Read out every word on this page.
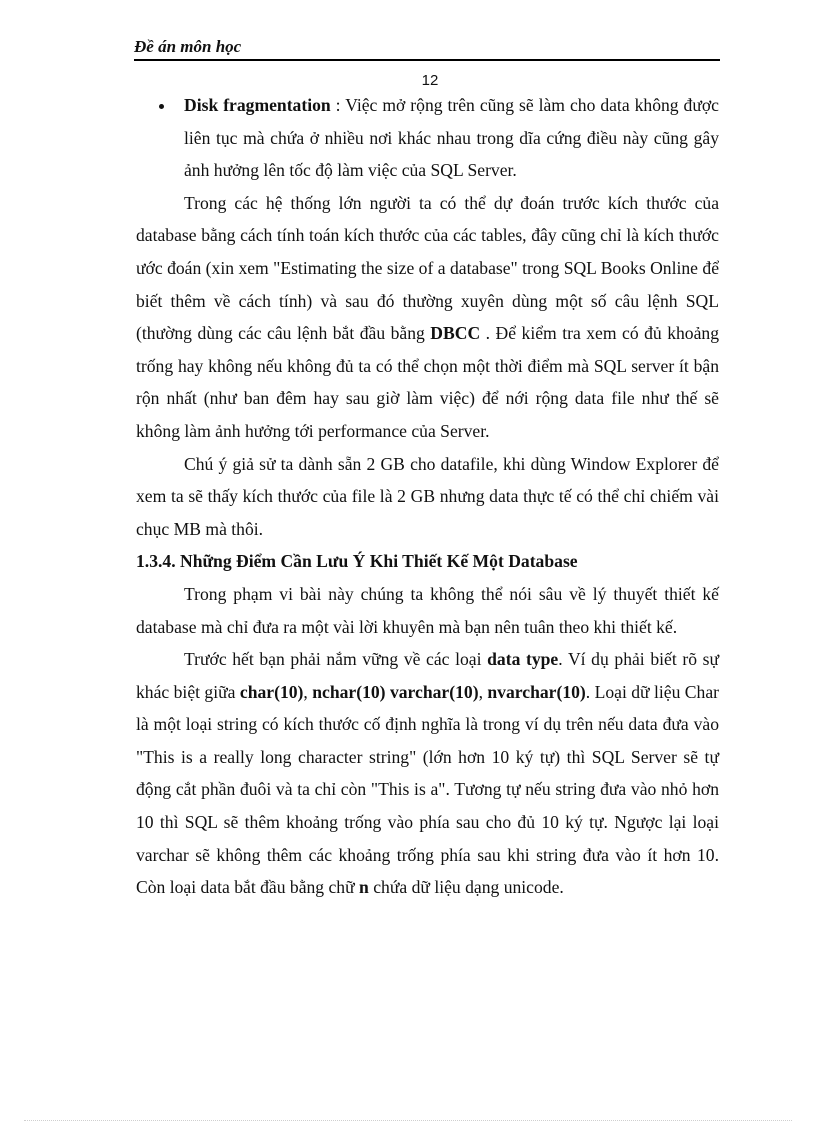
Đề án môn học
12

Disk fragmentation : Việc mở rộng trên cũng sẽ làm cho data không được liên tục mà chứa ở nhiều nơi khác nhau trong dĩa cứng điều này cũng gây ảnh hưởng lên tốc độ làm việc của SQL Server.

Trong các hệ thống lớn người ta có thể dự đoán trước kích thước của database bằng cách tính toán kích thước của các tables, đây cũng chỉ là kích thước ước đoán (xin xem "Estimating the size of a database" trong SQL Books Online để biết thêm về cách tính) và sau đó thường xuyên dùng một số câu lệnh SQL (thường dùng các câu lệnh bắt đầu bằng DBCC . Để kiểm tra xem có đủ khoảng trống hay không nếu không đủ ta có thể chọn một thời điểm mà SQL server ít bận rộn nhất (như ban đêm hay sau giờ làm việc) để nới rộng data file như thế sẽ không làm ảnh hưởng tới performance của Server.

Chú ý giả sử ta dành sẵn 2 GB cho datafile, khi dùng Window Explorer để xem ta sẽ thấy kích thước của file là 2 GB nhưng data thực tế có thể chỉ chiếm vài chục MB mà thôi.

1.3.4. Những Điểm Cần Lưu Ý Khi Thiết Kế Một Database

Trong phạm vi bài này chúng ta không thể nói sâu về lý thuyết thiết kế database mà chỉ đưa ra một vài lời khuyên mà bạn nên tuân theo khi thiết kế.

Trước hết bạn phải nắm vững về các loại data type. Ví dụ phải biết rõ sự khác biệt giữa char(10), nchar(10) varchar(10), nvarchar(10). Loại dữ liệu Char là một loại string có kích thước cố định nghĩa là trong ví dụ trên nếu data đưa vào "This is a really long character string" (lớn hơn 10 ký tự) thì SQL Server sẽ tự động cắt phần đuôi và ta chỉ còn "This is a". Tương tự nếu string đưa vào nhỏ hơn 10 thì SQL sẽ thêm khoảng trống vào phía sau cho đủ 10 ký tự. Ngược lại loại varchar sẽ không thêm các khoảng trống phía sau khi string đưa vào ít hơn 10. Còn loại data bắt đầu bằng chữ n chứa dữ liệu dạng unicode.
